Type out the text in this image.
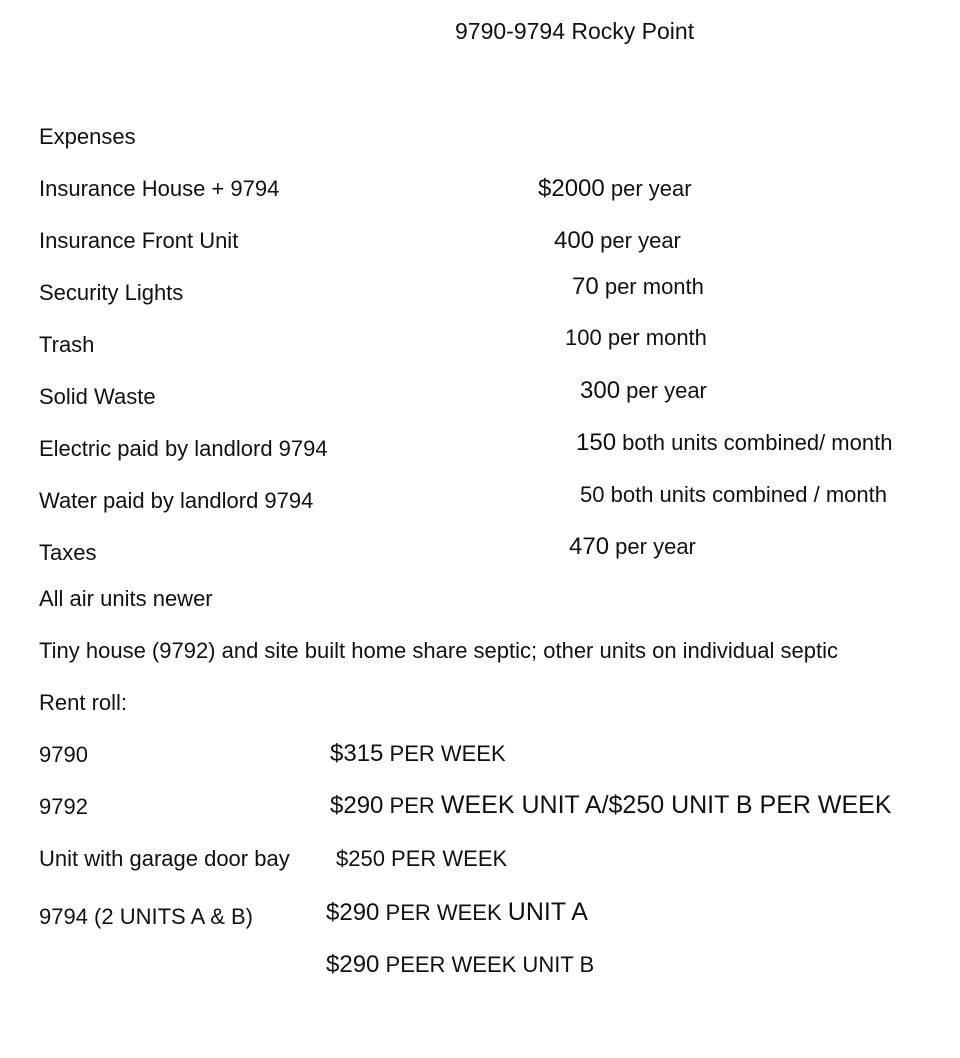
9790-9794 Rocky Point
Expenses
Insurance House + 9794	$2000 per year
Insurance Front Unit	400 per year
Security Lights	70 per month
Trash	100 per month
Solid Waste	300 per year
Electric paid by landlord 9794	150 both units combined/ month
Water paid by landlord 9794	50 both units combined / month
Taxes	470 per year
All air units newer
Tiny house (9792) and site built home share septic; other units on individual septic
Rent roll:
9790	$315 PER WEEK
9792	$290 PER WEEK UNIT A/$250 UNIT B PER WEEK
Unit with garage door bay $250 PER WEEK
9794 (2 UNITS A & B)	$290 PER WEEK UNIT A
$290 PEER WEEK UNIT B
